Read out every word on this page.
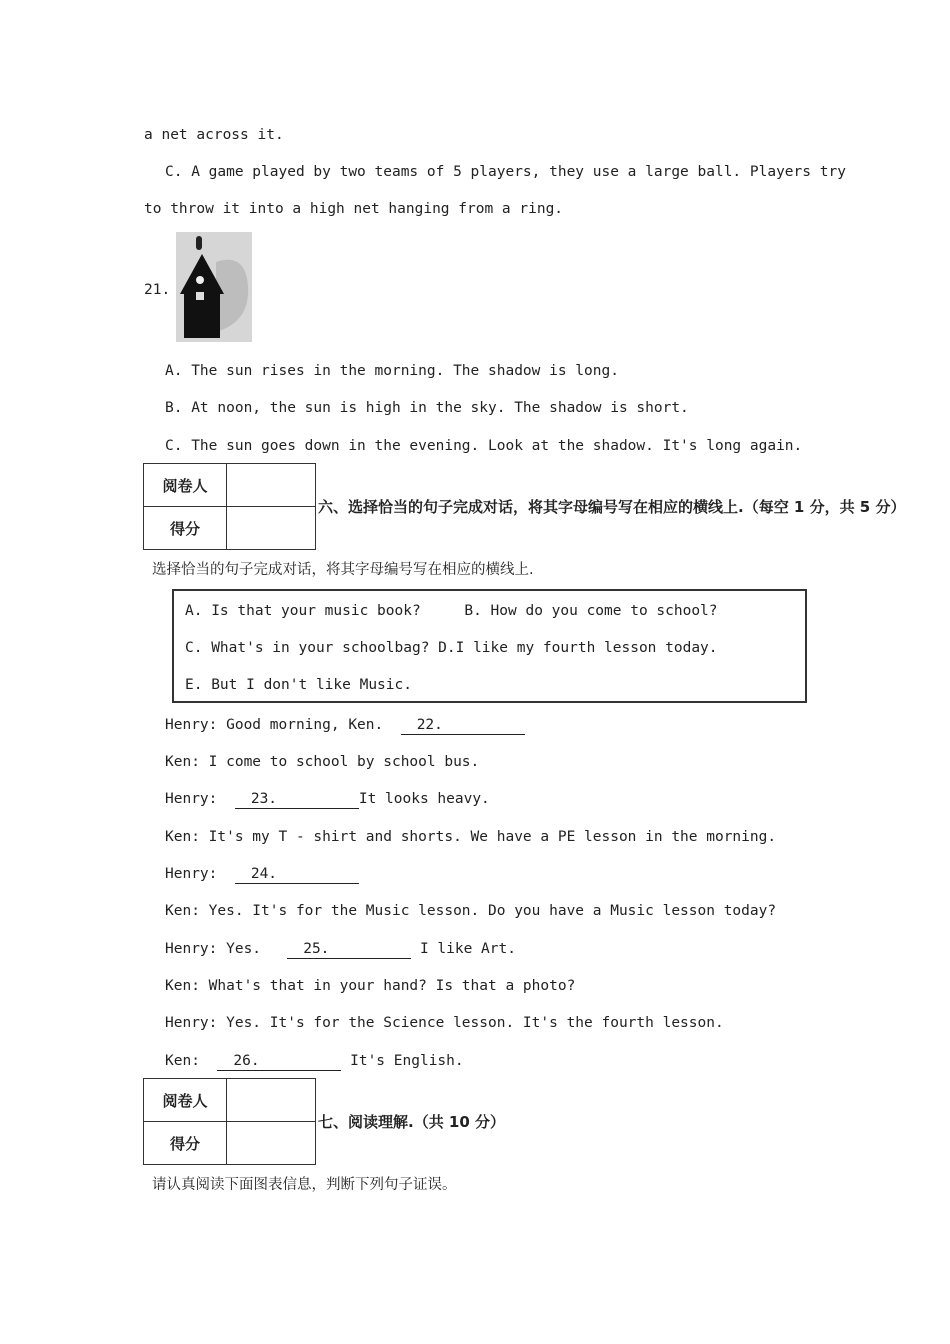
a net across it.
C. A game played by two teams of 5 players, they use a large ball. Players try
to throw it into a high net hanging from a ring.
21.
A. The sun rises in the morning. The shadow is long.
B. At noon, the sun is high in the sky. The shadow is short.
C. The sun goes down in the evening. Look at the shadow. It's long again.
阅卷人	
得分	
六、选择恰当的句子完成对话，将其字母编号写在相应的横线上.（每空 1 分，共 5 分）
选择恰当的句子完成对话，将其字母编号写在相应的横线上.
A. Is that your music book?     B. How do you come to school?
C. What's in your schoolbag? D.I like my fourth lesson today.
E. But I don't like Music.
Henry: Good morning, Ken.  22.
Ken: I come to school by school bus.
Henry:  23.	It looks heavy.
Ken: It's my T - shirt and shorts. We have a PE lesson in the morning.
Henry:  24.
Ken: Yes. It's for the Music lesson. Do you have a Music lesson today?
Henry: Yes.   25.	I like Art.
Ken: What's that in your hand? Is that a photo?
Henry: Yes. It's for the Science lesson. It's the fourth lesson.
Ken:  26.	It's English.
阅卷人	
得分	
七、阅读理解.（共 10 分）
请认真阅读下面图表信息，判断下列句子证误。
